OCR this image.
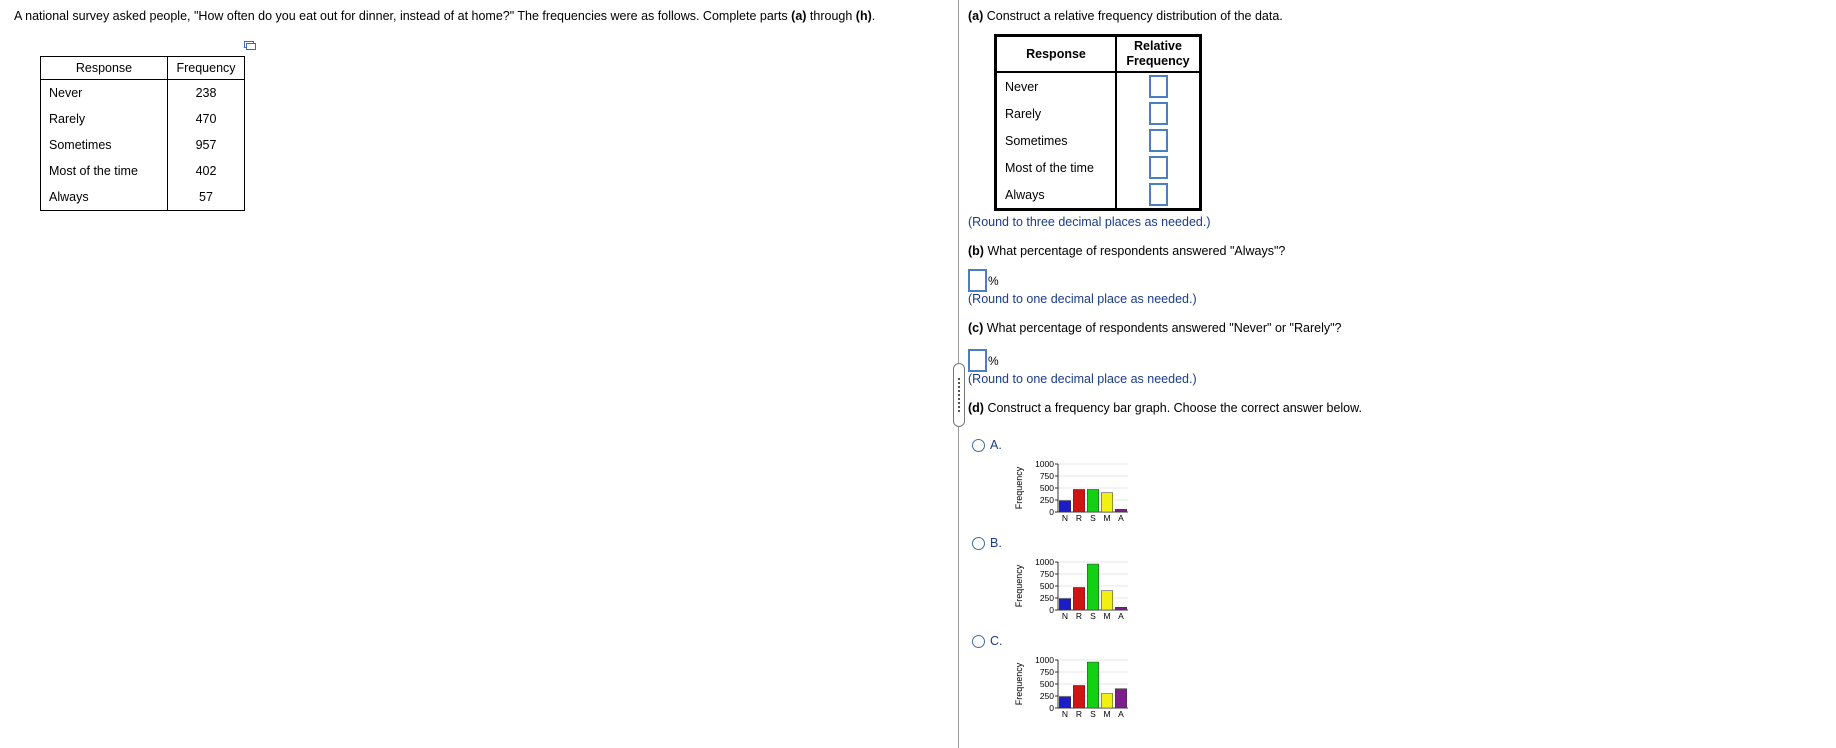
A national survey asked people, "How often do you eat out for dinner, instead of at home?" The frequencies were as follows. Complete parts (a) through (h).
Response	Frequency
Never	238
Rarely	470
Sometimes	957
Most of the time	402
Always	57
(a) Construct a relative frequency distribution of the data.
Response	Relative
Frequency
Never	
Rarely	
Sometimes	
Most of the time	
Always	
(Round to three decimal places as needed.)
(b) What percentage of respondents answered "Always"?
%
(Round to one decimal place as needed.)
(c) What percentage of respondents answered "Never" or "Rarely"?
%
(Round to one decimal place as needed.)
(d) Construct a frequency bar graph. Choose the correct answer below.
A.
B.
C.
Frequency
1000
750
500
250
0
N R S M A
Frequency
1000
750
500
250
0
N R S M A
Frequency
1000
750
500
250
0
N R S M A
